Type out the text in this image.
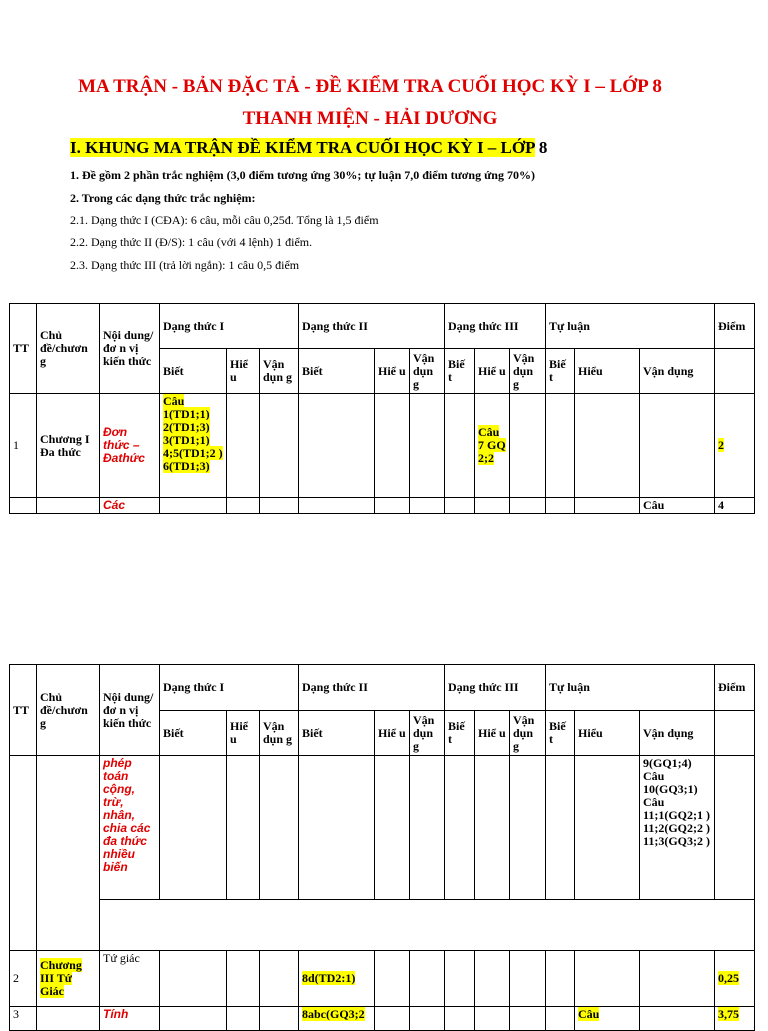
MA TRẬN - BẢN ĐẶC TẢ - ĐỀ KIỂM TRA CUỐI HỌC KỲ I – LỚP 8
THANH MIỆN - HẢI DƯƠNG
I. KHUNG MA TRẬN ĐỀ KIỂM TRA CUỐI HỌC KỲ I – LỚP 8
1. Đề gồm 2 phần trắc nghiệm (3,0 điểm tương ứng 30%; tự luận 7,0 điểm tương ứng 70%)
2. Trong các dạng thức trắc nghiệm:
2.1. Dạng thức I (CĐA): 6 câu, mỗi câu 0,25đ. Tổng là 1,5 điểm
2.2. Dạng thức II (Đ/S): 1 câu (với 4 lệnh) 1 điểm.
2.3. Dạng thức III (trả lời ngắn): 1 câu 0,5 điểm
TT	Chủ đề/chươn g	Nội dung/đơ n vị kiến thức	Dạng thức I			Dạng thức II			Dạng thức III			Tự luận			Điểm
			Biết	Hiể u	Vận dụn g	Biết	Hiể u	Vận dụn g	Biế t	Hiể u	Vận dụn g	Biế t	Hiểu	Vận dụng	
1	Chương I Đa thức	Đơn thức – Đathức	Câu 1(TD1;1) 2(TD1;3) 3(TD1;1) 4;5(TD1;2 ) 6(TD1;3)							Câu 7 GQ 2;2					2
		Các												Câu	4
TT	Chủ đề/chươn g	Nội dung/đơ n vị kiến thức	Dạng thức I			Dạng thức II			Dạng thức III			Tự luận			Điểm
			Biết	Hiể u	Vận dụn g	Biết	Hiể u	Vận dụn g	Biế t	Hiể u	Vận dụn g	Biế t	Hiểu	Vận dụng	
		phép toán cộng, trừ, nhân, chia các đa thức nhiều biến												9(GQ1;4) Câu 10(GQ3;1) Câu 11;1(GQ2;1 ) 11;2(GQ2;2 ) 11;3(GQ3;2 )	

2	Chương III Tứ Giác	Tứ giác				8d(TD2:1)									0,25
3		Tính				8abc(GQ3;2							Câu		3,75
